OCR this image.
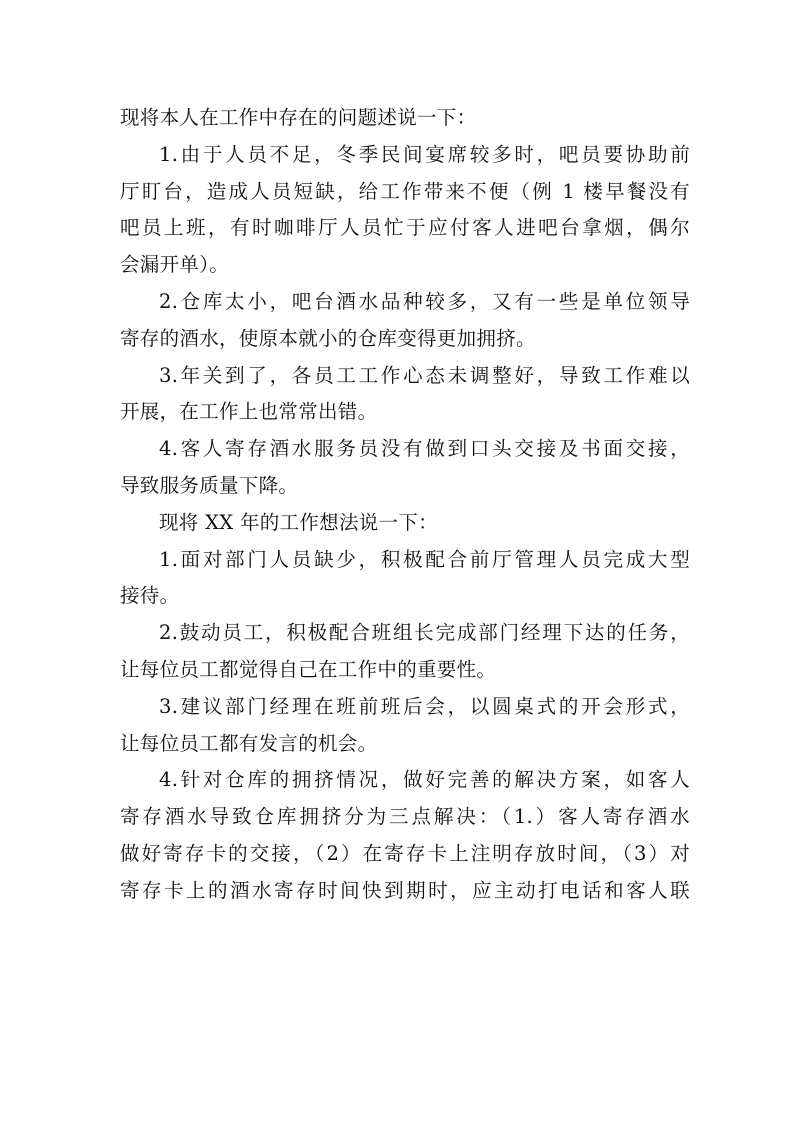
现将本人在工作中存在的问题述说一下：
1.由于人员不足，冬季民间宴席较多时，吧员要协助前
厅盯台，造成人员短缺，给工作带来不便（例 1 楼早餐没有
吧员上班，有时咖啡厅人员忙于应付客人进吧台拿烟，偶尔
会漏开单）。
2.仓库太小，吧台酒水品种较多，又有一些是单位领导
寄存的酒水，使原本就小的仓库变得更加拥挤。
3.年关到了，各员工工作心态未调整好，导致工作难以
开展，在工作上也常常出错。
4.客人寄存酒水服务员没有做到口头交接及书面交接，
导致服务质量下降。
现将 XX 年的工作想法说一下：
1.面对部门人员缺少，积极配合前厅管理人员完成大型
接待。
2.鼓动员工，积极配合班组长完成部门经理下达的任务，
让每位员工都觉得自己在工作中的重要性。
3.建议部门经理在班前班后会，以圆桌式的开会形式，
让每位员工都有发言的机会。
4.针对仓库的拥挤情况，做好完善的解决方案，如客人
寄存酒水导致仓库拥挤分为三点解决：（1.）客人寄存酒水
做好寄存卡的交接，（2）在寄存卡上注明存放时间，（3）对
寄存卡上的酒水寄存时间快到期时，应主动打电话和客人联
